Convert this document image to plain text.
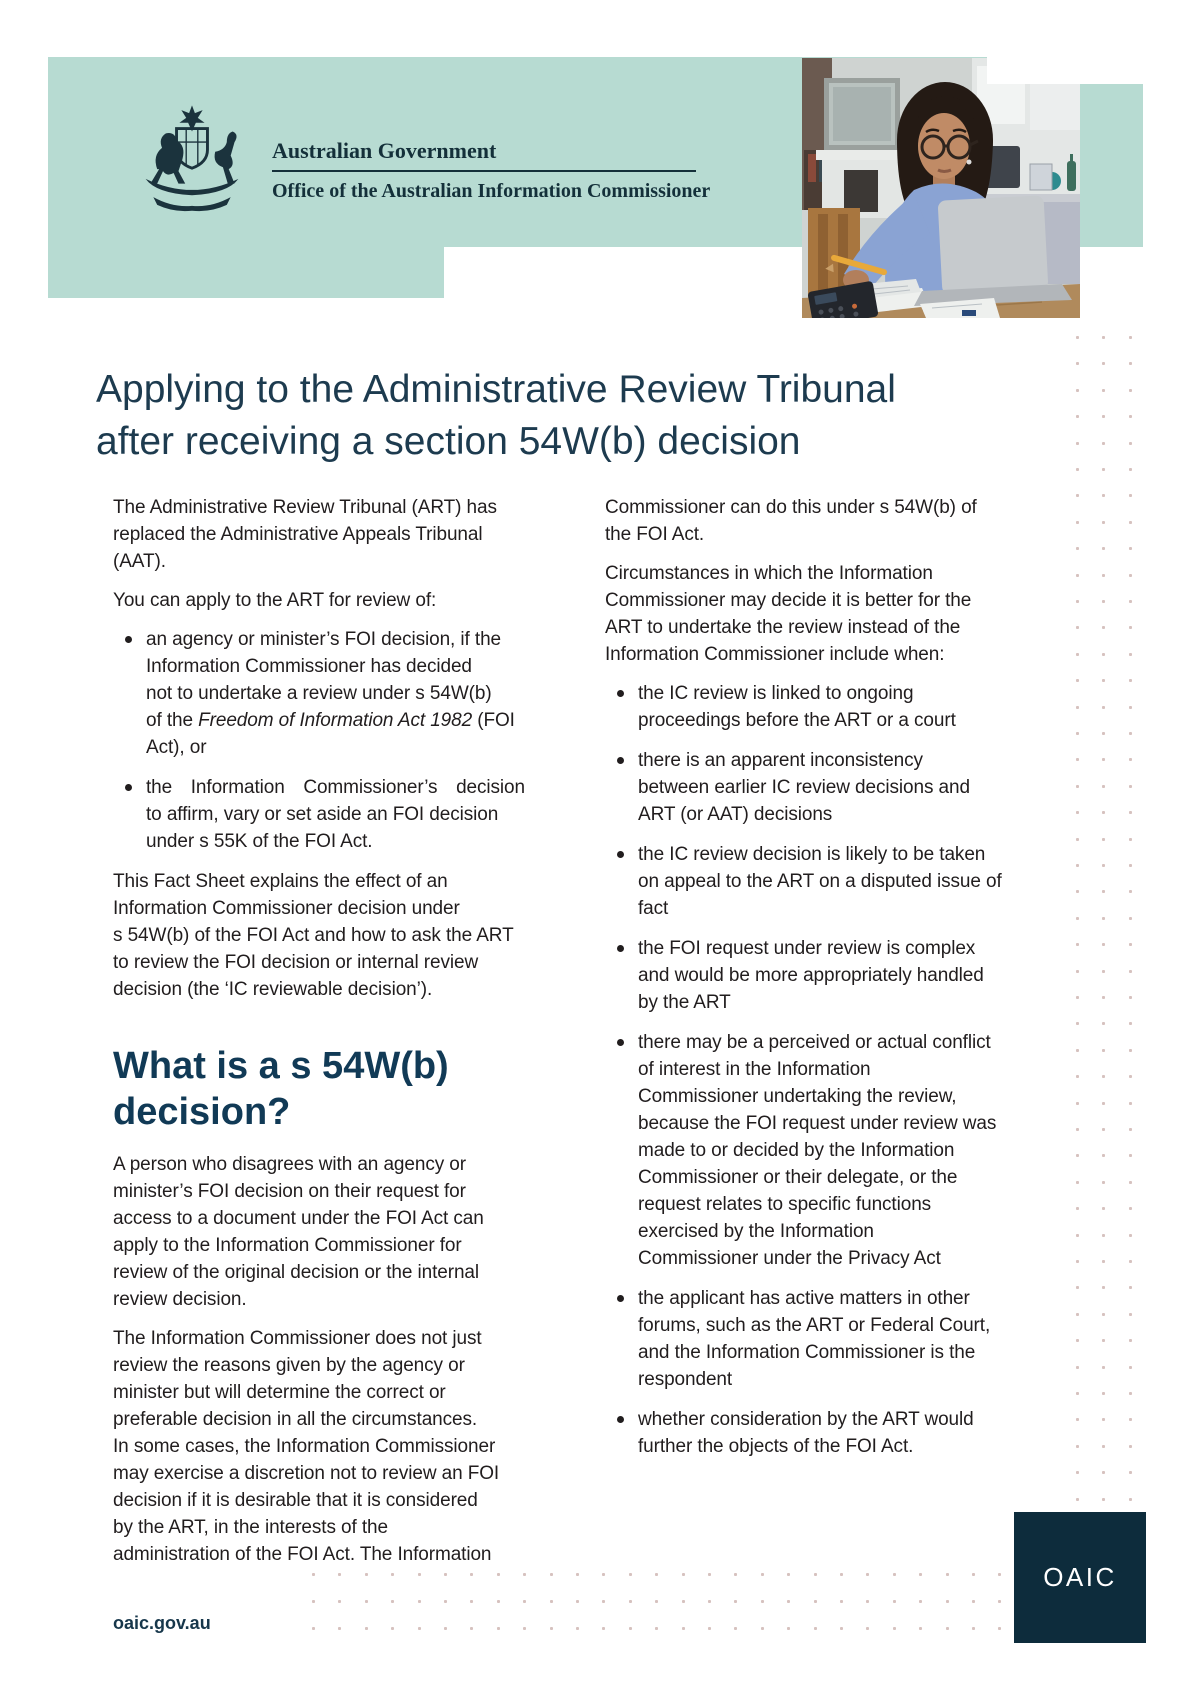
Australian Government
Office of the Australian Information Commissioner
Applying to the Administrative Review Tribunal
after receiving a section 54W(b) decision
The Administrative Review Tribunal (ART) has
replaced the Administrative Appeals Tribunal
(AAT).
You can apply to the ART for review of:
an agency or minister’s FOI decision, if the
Information Commissioner has decided
not to undertake a review under s 54W(b)
of the Freedom of Information Act 1982 (FOI
Act), or
the Information Commissioner’s decision
to affirm, vary or set aside an FOI decision
under s 55K of the FOI Act.
This Fact Sheet explains the effect of an
Information Commissioner decision under
s 54W(b) of the FOI Act and how to ask the ART
to review the FOI decision or internal review
decision (the ‘IC reviewable decision’).
What is a s 54W(b)
decision?
A person who disagrees with an agency or
minister’s FOI decision on their request for
access to a document under the FOI Act can
apply to the Information Commissioner for
review of the original decision or the internal
review decision.
The Information Commissioner does not just
review the reasons given by the agency or
minister but will determine the correct or
preferable decision in all the circumstances.
In some cases, the Information Commissioner
may exercise a discretion not to review an FOI
decision if it is desirable that it is considered
by the ART, in the interests of the
administration of the FOI Act. The Information
Commissioner can do this under s 54W(b) of
the FOI Act.
Circumstances in which the Information
Commissioner may decide it is better for the
ART to undertake the review instead of the
Information Commissioner include when:
the IC review is linked to ongoing
proceedings before the ART or a court
there is an apparent inconsistency
between earlier IC review decisions and
ART (or AAT) decisions
the IC review decision is likely to be taken
on appeal to the ART on a disputed issue of
fact
the FOI request under review is complex
and would be more appropriately handled
by the ART
there may be a perceived or actual conflict
of interest in the Information
Commissioner undertaking the review,
because the FOI request under review was
made to or decided by the Information
Commissioner or their delegate, or the
request relates to specific functions
exercised by the Information
Commissioner under the Privacy Act
the applicant has active matters in other
forums, such as the ART or Federal Court,
and the Information Commissioner is the
respondent
whether consideration by the ART would
further the objects of the FOI Act.
oaic.gov.au
OAIC
